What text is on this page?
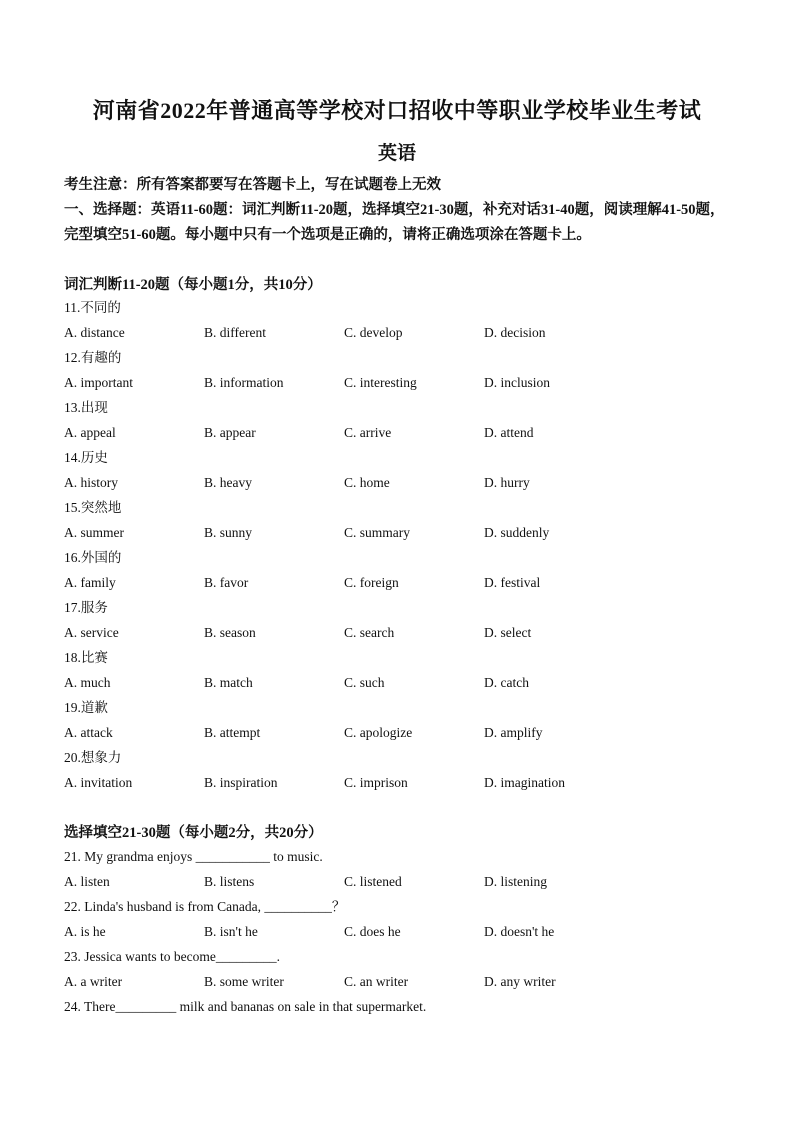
河南省2022年普通高等学校对口招收中等职业学校毕业生考试
英语
考生注意：所有答案都要写在答题卡上，写在试题卷上无效
一、选择题：英语11-60题：词汇判断11-20题，选择填空21-30题，补充对话31-40题，阅读理解41-50题，完型填空51-60题。每小题中只有一个选项是正确的，请将正确选项涂在答题卡上。
词汇判断11-20题（每小题1分，共10分）
11.不同的
A. distance	B. different	C. develop	D. decision
12.有趣的
A. important	B. information	C. interesting	D. inclusion
13.出现
A. appeal	B. appear	C. arrive	D. attend
14.历史
A. history	B. heavy	C. home	D. hurry
15.突然地
A. summer	B. sunny	C. summary	D. suddenly
16.外国的
A. family	B. favor	C. foreign	D. festival
17.服务
A. service	B. season	C. search	D. select
18.比赛
A. much	B. match	C. such	D. catch
19.道歉
A. attack	B. attempt	C. apologize	D. amplify
20.想象力
A. invitation	B. inspiration	C. imprison	D. imagination
选择填空21-30题（每小题2分，共20分）
21. My grandma enjoys ___________ to music.
A. listen	B. listens	C. listened	D. listening
22. Linda's husband is from Canada, __________？
A. is he	B. isn't he	C. does he	D. doesn't he
23. Jessica wants to become_________.
A. a writer	B. some writer	C. an writer	D. any writer
24. There_________ milk and bananas on sale in that supermarket.
